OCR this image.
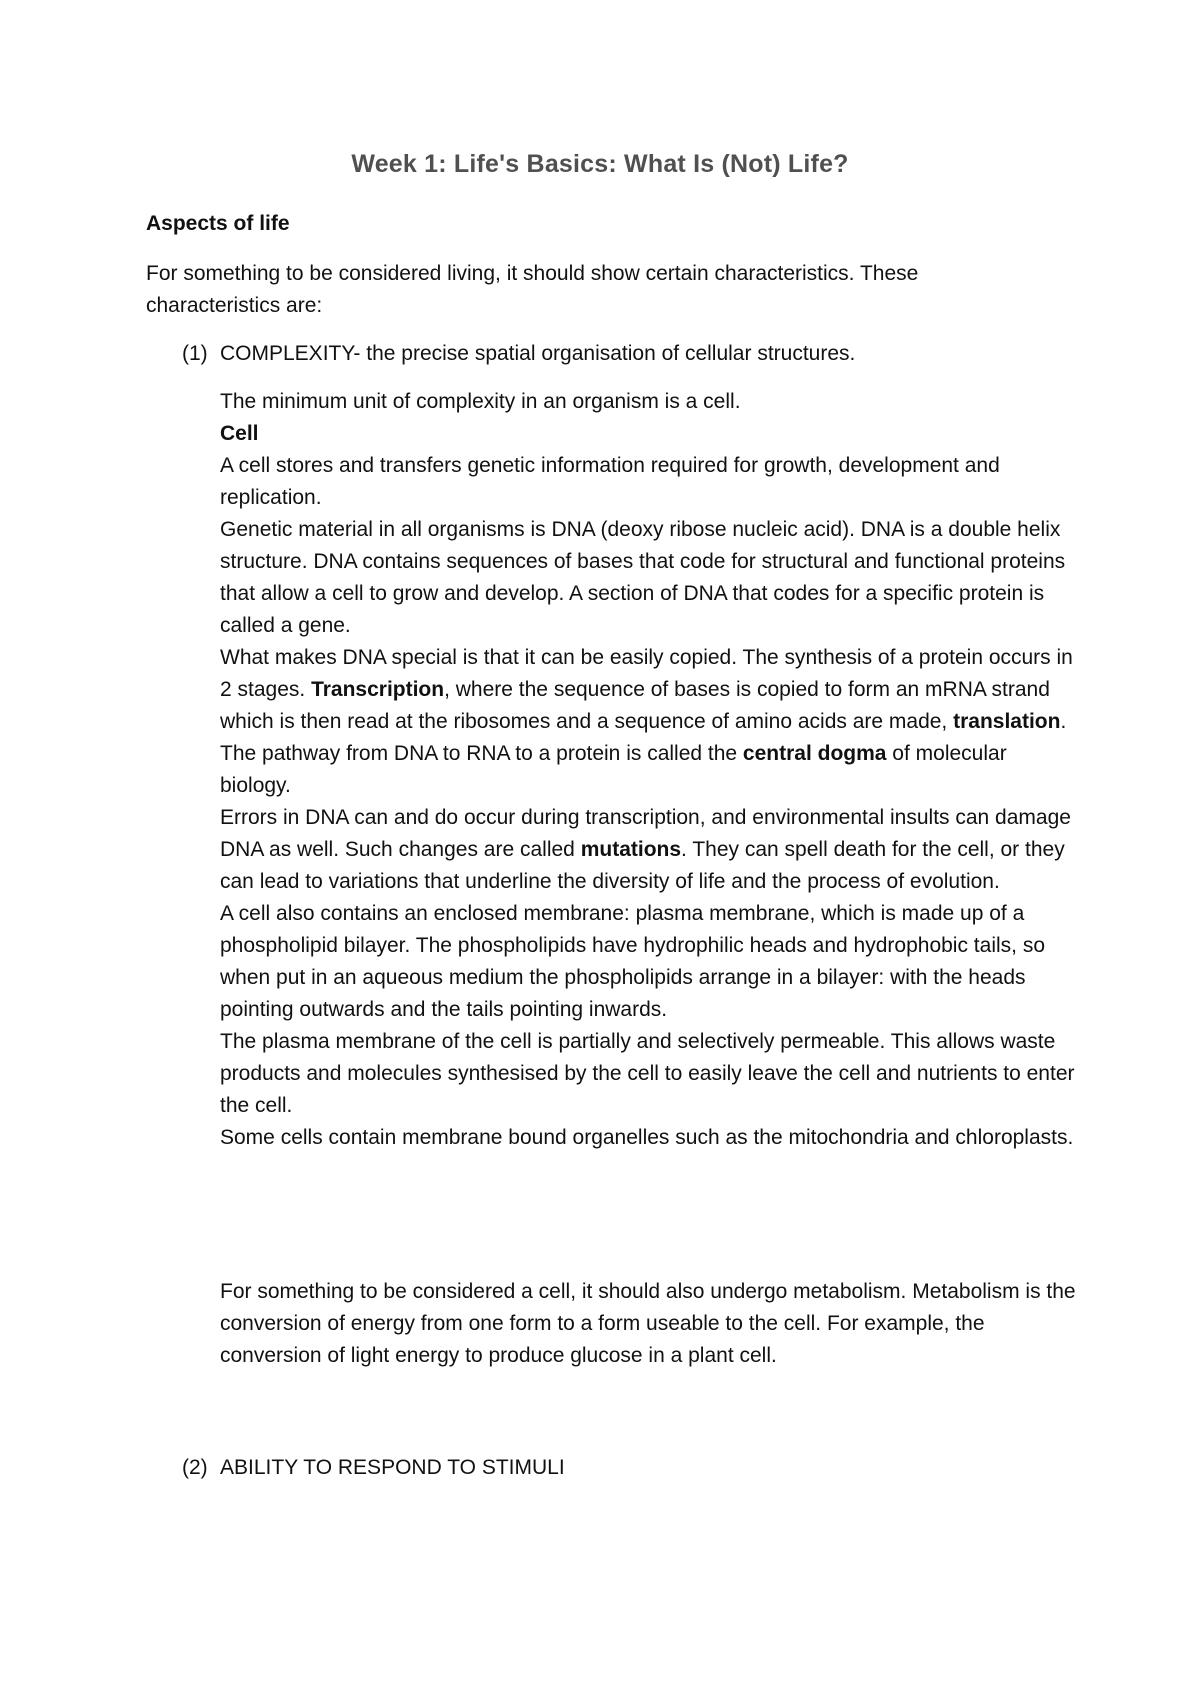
Week 1: Life's Basics: What Is (Not) Life?
Aspects of life
For something to be considered living, it should show certain characteristics. These characteristics are:
(1) COMPLEXITY- the precise spatial organisation of cellular structures.

The minimum unit of complexity in an organism is a cell.

Cell

A cell stores and transfers genetic information required for growth, development and replication.

Genetic material in all organisms is DNA (deoxy ribose nucleic acid). DNA is a double helix structure. DNA contains sequences of bases that code for structural and functional proteins that allow a cell to grow and develop. A section of DNA that codes for a specific protein is called a gene.

What makes DNA special is that it can be easily copied. The synthesis of a protein occurs in 2 stages. Transcription, where the sequence of bases is copied to form an mRNA strand which is then read at the ribosomes and a sequence of amino acids are made, translation.

The pathway from DNA to RNA to a protein is called the central dogma of molecular biology.

Errors in DNA can and do occur during transcription, and environmental insults can damage DNA as well. Such changes are called mutations. They can spell death for the cell, or they can lead to variations that underline the diversity of life and the process of evolution.

A cell also contains an enclosed membrane: plasma membrane, which is made up of a phospholipid bilayer. The phospholipids have hydrophilic heads and hydrophobic tails, so when put in an aqueous medium the phospholipids arrange in a bilayer: with the heads pointing outwards and the tails pointing inwards.

The plasma membrane of the cell is partially and selectively permeable. This allows waste products and molecules synthesised by the cell to easily leave the cell and nutrients to enter the cell.

Some cells contain membrane bound organelles such as the mitochondria and chloroplasts.

For something to be considered a cell, it should also undergo metabolism. Metabolism is the conversion of energy from one form to a form useable to the cell. For example, the conversion of light energy to produce glucose in a plant cell.

(2) ABILITY TO RESPOND TO STIMULI
